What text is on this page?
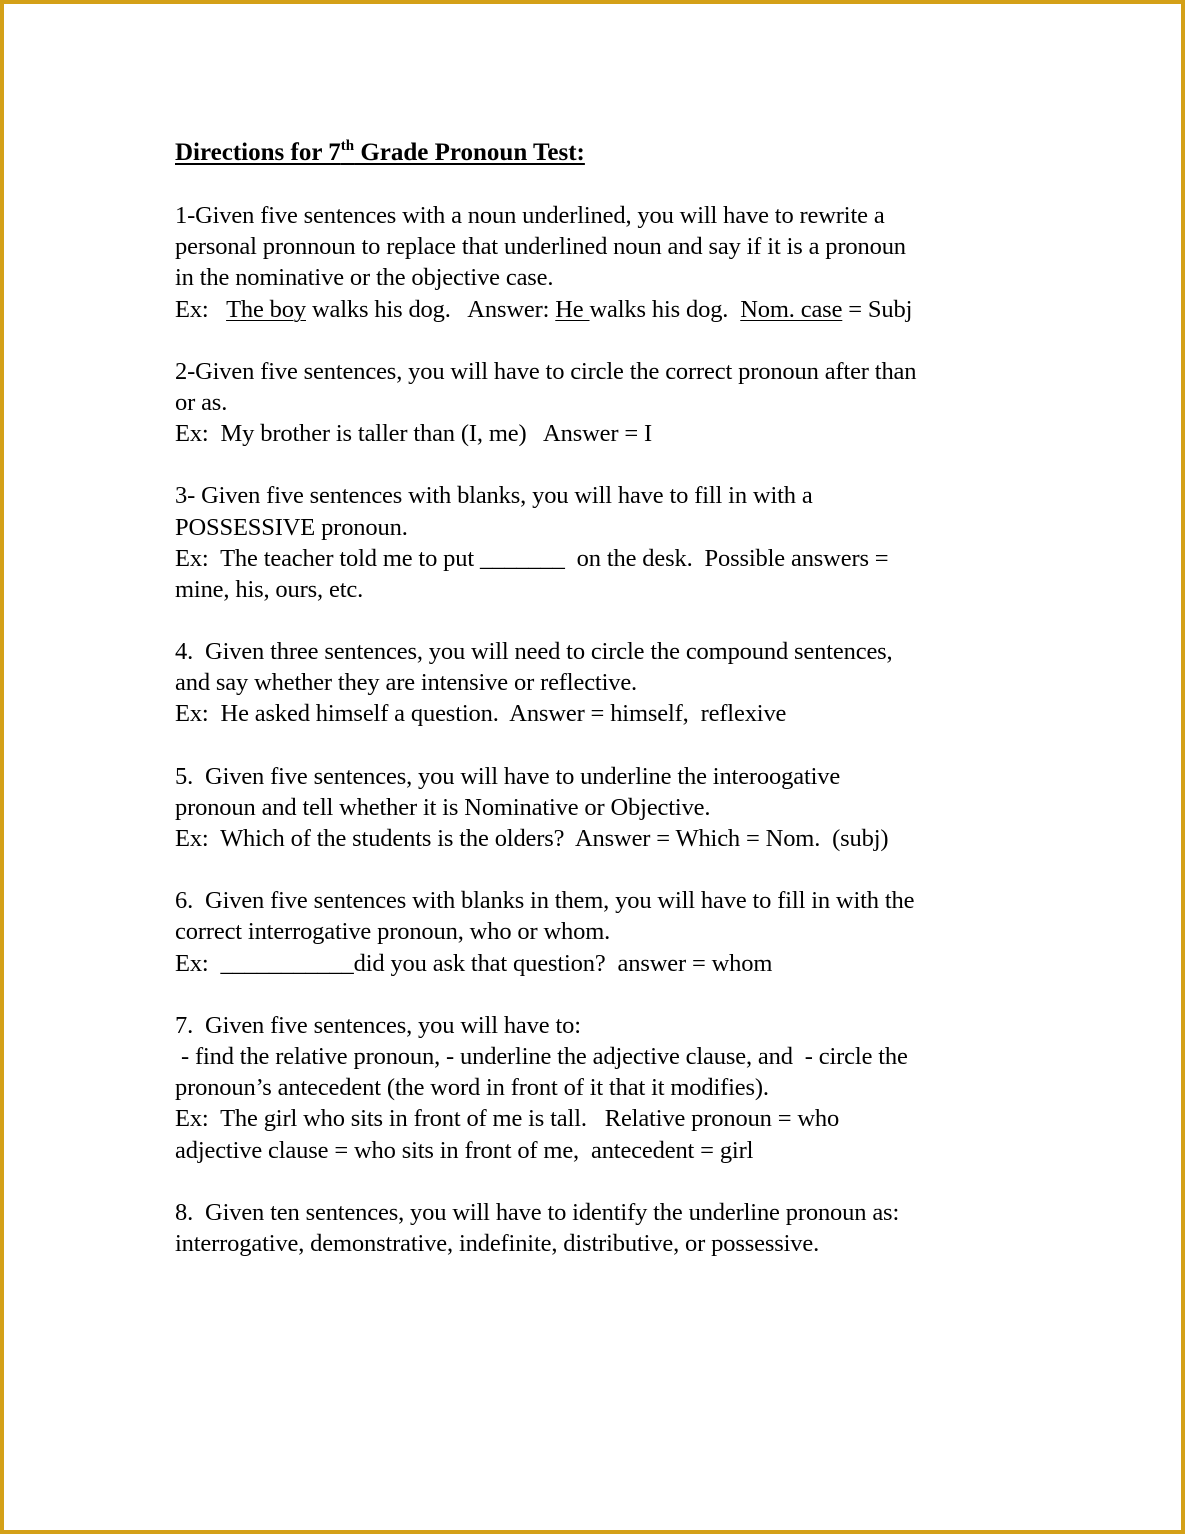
Directions for 7th Grade Pronoun Test:
1-Given five sentences with a noun underlined, you will have to rewrite a
personal pronnoun to replace that underlined noun and say if it is a pronoun
in the nominative or the objective case.
Ex:   The boy walks his dog.   Answer: He walks his dog.  Nom. case = Subj
2-Given five sentences, you will have to circle the correct pronoun after than
or as.
Ex:  My brother is taller than (I, me)   Answer = I
3- Given five sentences with blanks, you will have to fill in with a
POSSESSIVE pronoun.
Ex:  The teacher told me to put _______  on the desk.  Possible answers =
mine, his, ours, etc.
4.  Given three sentences, you will need to circle the compound sentences,
and say whether they are intensive or reflective.
Ex:  He asked himself a question.  Answer = himself,  reflexive
5.  Given five sentences, you will have to underline the interoogative
pronoun and tell whether it is Nominative or Objective.
Ex:  Which of the students is the olders?  Answer = Which = Nom.  (subj)
6.  Given five sentences with blanks in them, you will have to fill in with the
correct interrogative pronoun, who or whom.
Ex:  ___________did you ask that question?  answer = whom
7.  Given five sentences, you will have to:
- find the relative pronoun, - underline the adjective clause, and  - circle the
pronoun’s antecedent (the word in front of it that it modifies).
Ex:  The girl who sits in front of me is tall.   Relative pronoun = who
adjective clause = who sits in front of me,  antecedent = girl
8.  Given ten sentences, you will have to identify the underline pronoun as:
interrogative, demonstrative, indefinite, distributive, or possessive.
